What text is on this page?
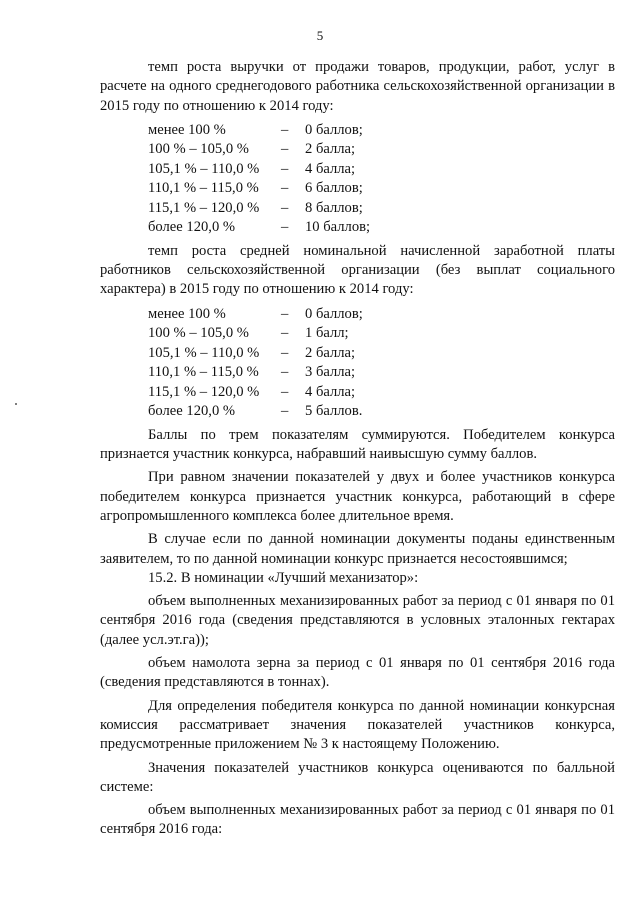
5

темп роста выручки от продажи товаров, продукции, работ, услуг в расчете на одного среднегодового работника сельскохозяйственной организации в 2015 году по отношению к 2014 году:

менее 100 %	–	0 баллов;
100 % – 105,0 %	–	2 балла;
105,1 % – 110,0 %	–	4 балла;
110,1 % – 115,0 %	–	6 баллов;
115,1 % – 120,0 %	–	8 баллов;
более 120,0 %	–	10 баллов;

темп роста средней номинальной начисленной заработной платы работников сельскохозяйственной организации (без выплат социального характера) в 2015 году по отношению к 2014 году:

менее 100 %	–	0 баллов;
100 % – 105,0 %	–	1 балл;
105,1 % – 110,0 %	–	2 балла;
110,1 % – 115,0 %	–	3 балла;
115,1 % – 120,0 %	–	4 балла;
более 120,0 %	–	5 баллов.

Баллы по трем показателям суммируются. Победителем конкурса признается участник конкурса, набравший наивысшую сумму баллов.

При равном значении показателей у двух и более участников конкурса победителем конкурса признается участник конкурса, работающий в сфере агропромышленного комплекса более длительное время.

В случае если по данной номинации документы поданы единственным заявителем, то по данной номинации конкурс признается несостоявшимся;

15.2. В номинации «Лучший механизатор»:

объем выполненных механизированных работ за период с 01 января по 01 сентября 2016 года (сведения представляются в условных эталонных гектарах (далее усл.эт.га));

объем намолота зерна за период с 01 января по 01 сентября 2016 года (сведения представляются в тоннах).

Для определения победителя конкурса по данной номинации конкурсная комиссия рассматривает значения показателей участников конкурса, предусмотренные приложением № 3 к настоящему Положению.

Значения показателей участников конкурса оцениваются по балльной системе:

объем выполненных механизированных работ за период с 01 января по 01 сентября 2016 года:
